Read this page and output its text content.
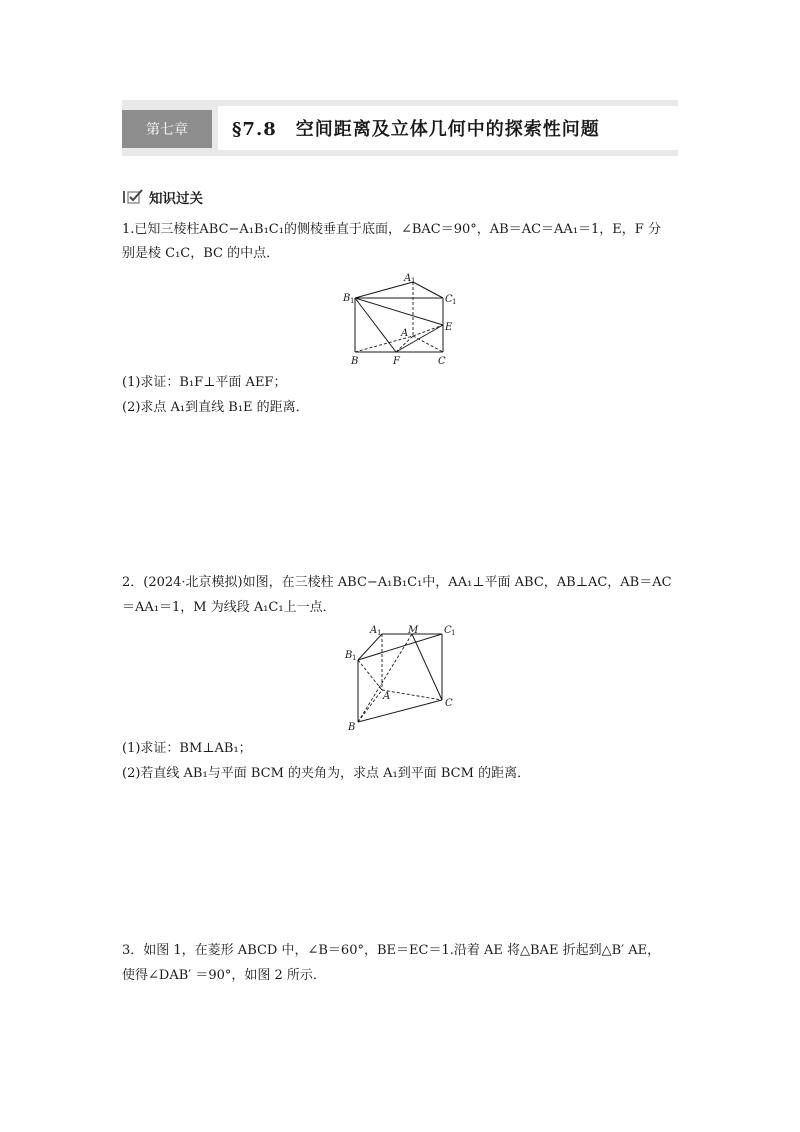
第七章	§7.8　空间距离及立体几何中的探索性问题
知识过关
1.已知三棱柱ABC−A₁B₁C₁的侧棱垂直于底面，∠BAC＝90°，AB＝AC＝AA₁＝1，E，F 分
别是棱 C₁C，BC 的中点．
A 1
B 1	C 1
A
E
B	F	C
(1)求证：B₁F⊥平面 AEF；
(2)求点 A₁到直线 B₁E 的距离．
2．(2024·北京模拟)如图，在三棱柱 ABC−A₁B₁C₁中，AA₁⊥平面 ABC，AB⊥AC，AB＝AC
＝AA₁＝1，M 为线段 A₁C₁上一点．
A 1	M	C 1
B 1
A
C
B
(1)求证：BM⊥AB₁；
(2)若直线 AB₁与平面 BCM 的夹角为，求点 A₁到平面 BCM 的距离．
3．如图 1，在菱形 ABCD 中，∠B＝60°，BE＝EC＝1.沿着 AE 将△BAE 折起到△B′ AE，
使得∠DAB′ ＝90°，如图 2 所示．
